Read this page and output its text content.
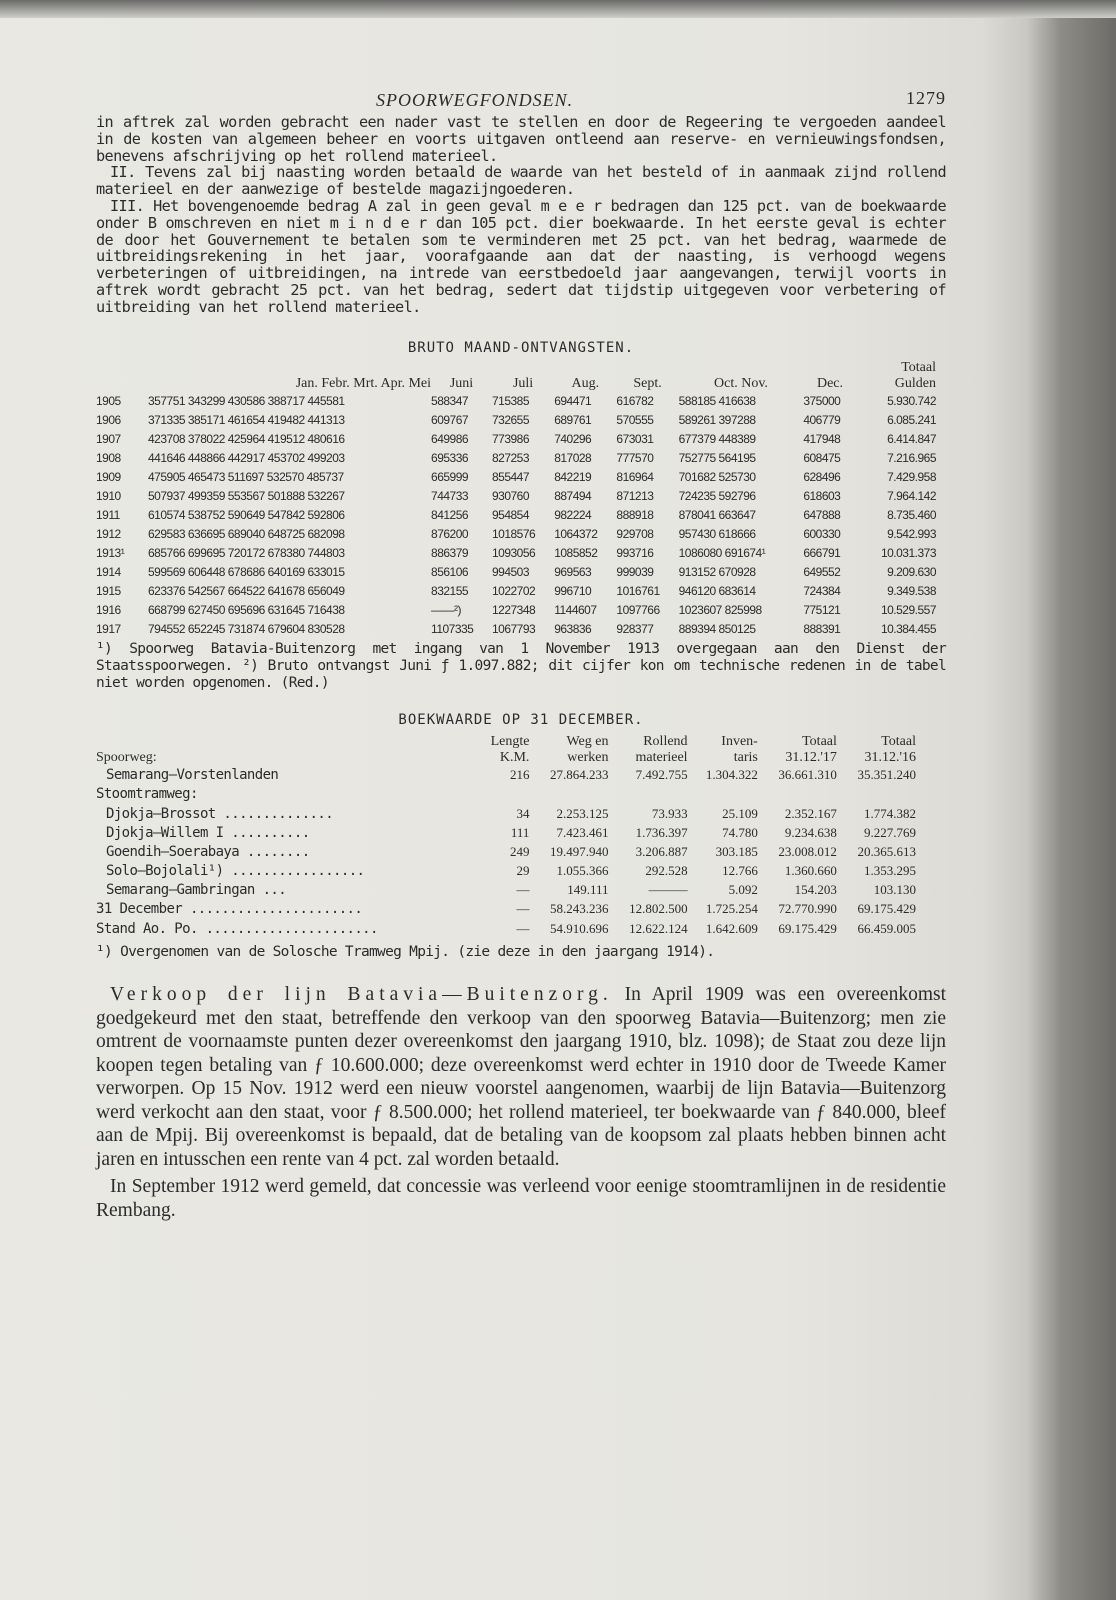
SPOORWEGFONDSEN.	1279

in aftrek zal worden gebracht een nader vast te stellen en door de Regeering te vergoeden aandeel in de kosten van algemeen beheer en voorts uitgaven ontleend aan reserve- en vernieuwingsfondsen, benevens afschrijving op het rollend materieel.

II. Tevens zal bij naasting worden betaald de waarde van het besteld of in aanmaak zijnd rollend materieel en der aanwezige of bestelde magazijngoederen.

III. Het bovengenoemde bedrag A zal in geen geval m e e r bedragen dan 125 pct. van de boekwaarde onder B omschreven en niet m i n d e r dan 105 pct. dier boekwaarde. In het eerste geval is echter de door het Gouvernement te betalen som te verminderen met 25 pct. van het bedrag, waarmede de uitbreidingsrekening in het jaar, voorafgaande aan dat der naasting, is verhoogd wegens verbeteringen of uitbreidingen, na intrede van eerstbedoeld jaar aangevangen, terwijl voorts in aftrek wordt gebracht 25 pct. van het bedrag, sedert dat tijdstip uitgegeven voor verbetering of uitbreiding van het rollend materieel.

BRUTO MAAND-ONTVANGSTEN.
								Totaal
	Jan. Febr. Mrt. Apr. Mei	Juni	Juli	Aug.	Sept.	Oct. Nov.	Dec.	Gulden
1905	357751 343299 430586 388717 445581	588347	715385	694471	616782	588185 416638	375000	5.930.742
1906	371335 385171 461654 419482 441313	609767	732655	689761	570555	589261 397288	406779	6.085.241
1907	423708 378022 425964 419512 480616	649986	773986	740296	673031	677379 448389	417948	6.414.847
1908	441646 448866 442917 453702 499203	695336	827253	817028	777570	752775 564195	608475	7.216.965
1909	475905 465473 511697 532570 485737	665999	855447	842219	816964	701682 525730	628496	7.429.958
1910	507937 499359 553567 501888 532267	744733	930760	887494	871213	724235 592796	618603	7.964.142
1911	610574 538752 590649 547842 592806	841256	954854	982224	888918	878041 663647	647888	8.735.460
1912	629583 636695 689040 648725 682098	876200	1018576	1064372	929708	957430 618666	600330	9.542.993
1913¹	685766 699695 720172 678380 744803	886379	1093056	1085852	993716	1086080 691674¹	666791	10.031.373
1914	599569 606448 678686 640169 633015	856106	994503	969563	999039	913152 670928	649552	9.209.630
1915	623376 542567 664522 641678 656049	832155	1022702	996710	1016761	946120 683614	724384	9.349.538
1916	668799 627450 695696 631645 716438	——²)	1227348	1144607	1097766	1023607 825998	775121	10.529.557
1917	794552 652245 731874 679604 830528	1107335	1067793	963836	928377	889394 850125	888391	10.384.455

¹) Spoorweg Batavia-Buitenzorg met ingang van 1 November 1913 overgegaan aan den Dienst der Staatsspoorwegen. ²) Bruto ontvangst Juni ƒ 1.097.882; dit cijfer kon om technische redenen in de tabel niet worden opgenomen. (Red.)

BOEKWAARDE OP 31 DECEMBER.
Spoorweg:	Lengte	Weg en	Rollend	Inven-	Totaal	Totaal
	K.M.	werken	materieel	taris	31.12.'17	31.12.'16
Semarang—Vorstenlanden	216	27.864.233	7.492.755	1.304.322	36.661.310	35.351.240
Stoomtramweg:						
Djokja—Brossot ..............	34	2.253.125	73.933	25.109	2.352.167	1.774.382
Djokja—Willem I ..........	111	7.423.461	1.736.397	74.780	9.234.638	9.227.769
Goendih—Soerabaya ........	249	19.497.940	3.206.887	303.185	23.008.012	20.365.613
Solo—Bojolali¹) .................	29	1.055.366	292.528	12.766	1.360.660	1.353.295
Semarang—Gambringan ...	—	149.111	———	5.092	154.203	103.130
31 December ......................	—	58.243.236	12.802.500	1.725.254	72.770.990	69.175.429
Stand Ao. Po. ......................	—	54.910.696	12.622.124	1.642.609	69.175.429	66.459.005

¹) Overgenomen van de Solosche Tramweg Mpij. (zie deze in den jaargang 1914).

Verkoop der lijn Batavia—Buitenzorg. In April 1909 was een overeenkomst goedgekeurd met den staat, betreffende den verkoop van den spoorweg Batavia—Buitenzorg; men zie omtrent de voornaamste punten dezer overeenkomst den jaargang 1910, blz. 1098); de Staat zou deze lijn koopen tegen betaling van ƒ 10.600.000; deze overeenkomst werd echter in 1910 door de Tweede Kamer verworpen. Op 15 Nov. 1912 werd een nieuw voorstel aangenomen, waarbij de lijn Batavia—Buitenzorg werd verkocht aan den staat, voor ƒ 8.500.000; het rollend materieel, ter boekwaarde van ƒ 840.000, bleef aan de Mpij. Bij overeenkomst is bepaald, dat de betaling van de koopsom zal plaats hebben binnen acht jaren en intusschen een rente van 4 pct. zal worden betaald.

In September 1912 werd gemeld, dat concessie was verleend voor eenige stoomtramlijnen in de residentie Rembang.
